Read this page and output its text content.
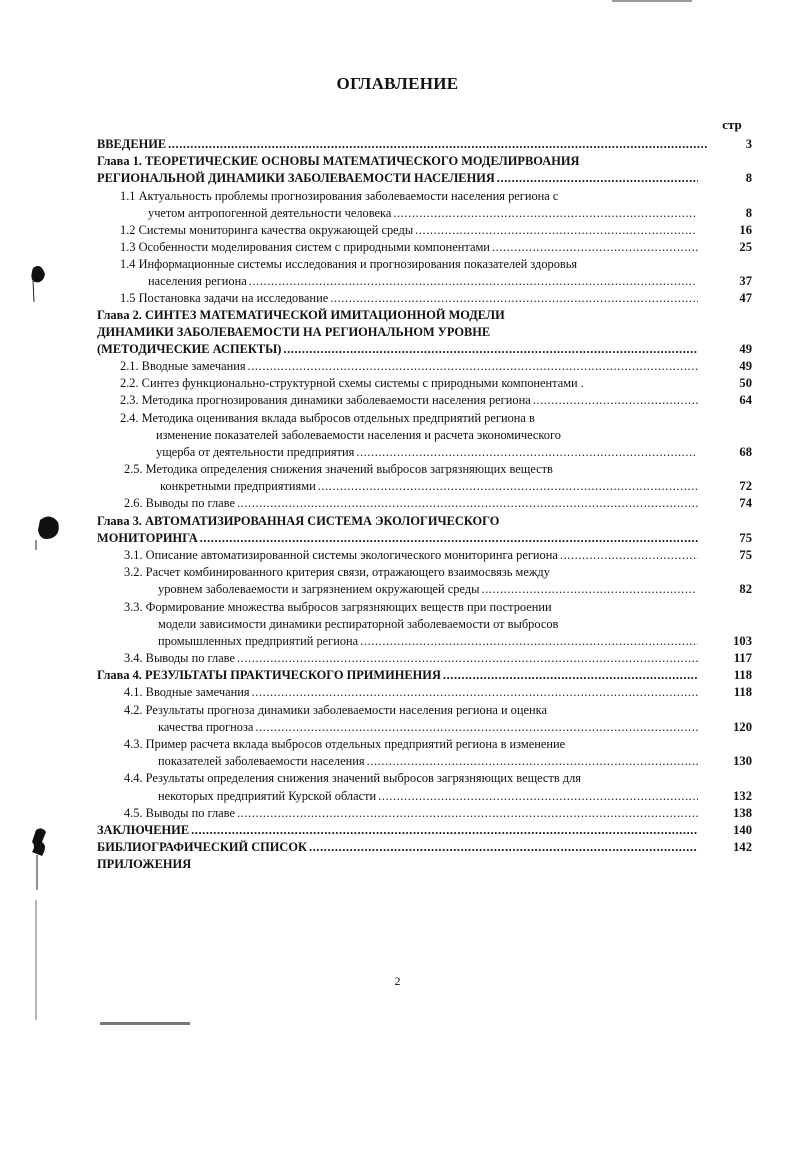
ОГЛАВЛЕНИЕ
стр
ВВЕДЕНИЕ .....	3
Глава 1. ТЕОРЕТИЧЕСКИЕ ОСНОВЫ МАТЕМАТИЧЕСКОГО МОДЕЛИРВОАНИЯ
РЕГИОНАЛЬНОЙ ДИНАМИКИ ЗАБОЛЕВАЕМОСТИ НАСЕЛЕНИЯ .....	8
1.1 Актуальность проблемы прогнозирования заболеваемости населения региона с
учетом антропогенной деятельности человека .....	8
1.2 Системы мониторинга качества окружающей среды .....	16
1.3 Особенности моделирования систем с природными компонентами .....	25
1.4 Информационные системы исследования и прогнозирования показателей здоровья
населения региона .....	37
1.5 Постановка задачи на исследование .....	47
Глава 2. СИНТЕЗ МАТЕМАТИЧЕСКОЙ ИМИТАЦИОННОЙ МОДЕЛИ
ДИНАМИКИ ЗАБОЛЕВАЕМОСТИ НА РЕГИОНАЛЬНОМ УРОВНЕ
(МЕТОДИЧЕСКИЕ АСПЕКТЫ) .....	49
2.1. Вводные замечания .....	49
2.2. Синтез функционально-структурной схемы системы с природными компонентами .	50
2.3. Методика прогнозирования динамики заболеваемости населения региона .....	64
2.4. Методика оценивания вклада выбросов отдельных предприятий региона в
изменение показателей заболеваемости населения и расчета экономического
ущерба от деятельности предприятия .....	68
2.5. Методика определения снижения значений выбросов загрязняющих веществ
конкретными предприятиями .....	72
2.6. Выводы по главе .....	74
Глава 3. АВТОМАТИЗИРОВАННАЯ СИСТЕМА ЭКОЛОГИЧЕСКОГО
МОНИТОРИНГА .....	75
3.1. Описание автоматизированной системы экологического мониторинга региона .....	75
3.2. Расчет комбинированного критерия связи, отражающего взаимосвязь между
уровнем заболеваемости и загрязнением окружающей среды .....	82
3.3. Формирование множества выбросов загрязняющих веществ при построении
модели зависимости динамики респираторной заболеваемости от выбросов
промышленных предприятий региона .....	103
3.4. Выводы по главе .....	117
Глава 4. РЕЗУЛЬТАТЫ ПРАКТИЧЕСКОГО ПРИМИНЕНИЯ .....	118
4.1. Вводные замечания .....	118
4.2. Результаты прогноза динамики заболеваемости населения региона и оценка
качества прогноза .....	120
4.3. Пример расчета вклада выбросов отдельных предприятий региона в изменение
показателей заболеваемости населения .....	130
4.4. Результаты определения снижения значений выбросов загрязняющих веществ для
некоторых предприятий Курской области .....	132
4.5. Выводы по главе .....	138
ЗАКЛЮЧЕНИЕ .....	140
БИБЛИОГРАФИЧЕСКИЙ СПИСОК .....	142
ПРИЛОЖЕНИЯ
2
